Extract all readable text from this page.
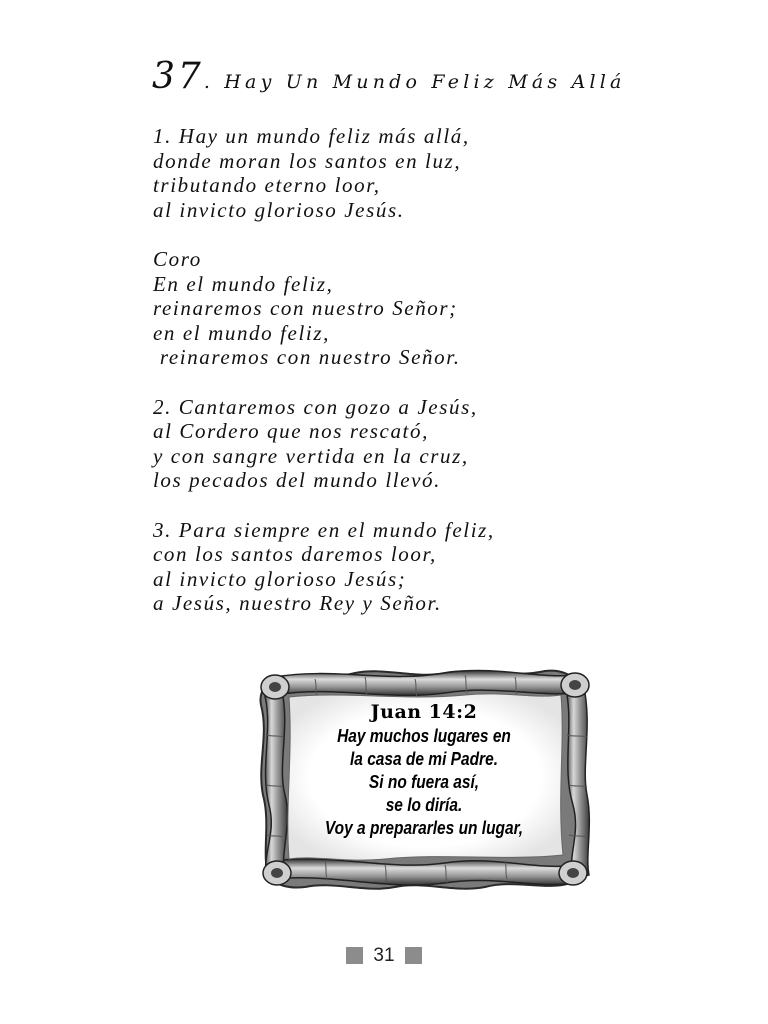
37. Hay Un Mundo Feliz Más Allá

1. Hay un mundo feliz más allá,
donde moran los santos en luz,
tributando eterno loor,
al invicto glorioso Jesús.

Coro
En el mundo feliz,
reinaremos con nuestro Señor;
en el mundo feliz,
reinaremos con nuestro Señor.

2. Cantaremos con gozo a Jesús,
al Cordero que nos rescató,
y con sangre vertida en la cruz,
los pecados del mundo llevó.

3. Para siempre en el mundo feliz,
con los santos daremos loor,
al invicto glorioso Jesús;
a Jesús, nuestro Rey y Señor.

Juan 14:2
Hay muchos lugares en
la casa de mi Padre.
Si no fuera así,
se lo diría.
Voy a prepararles un lugar,
31
